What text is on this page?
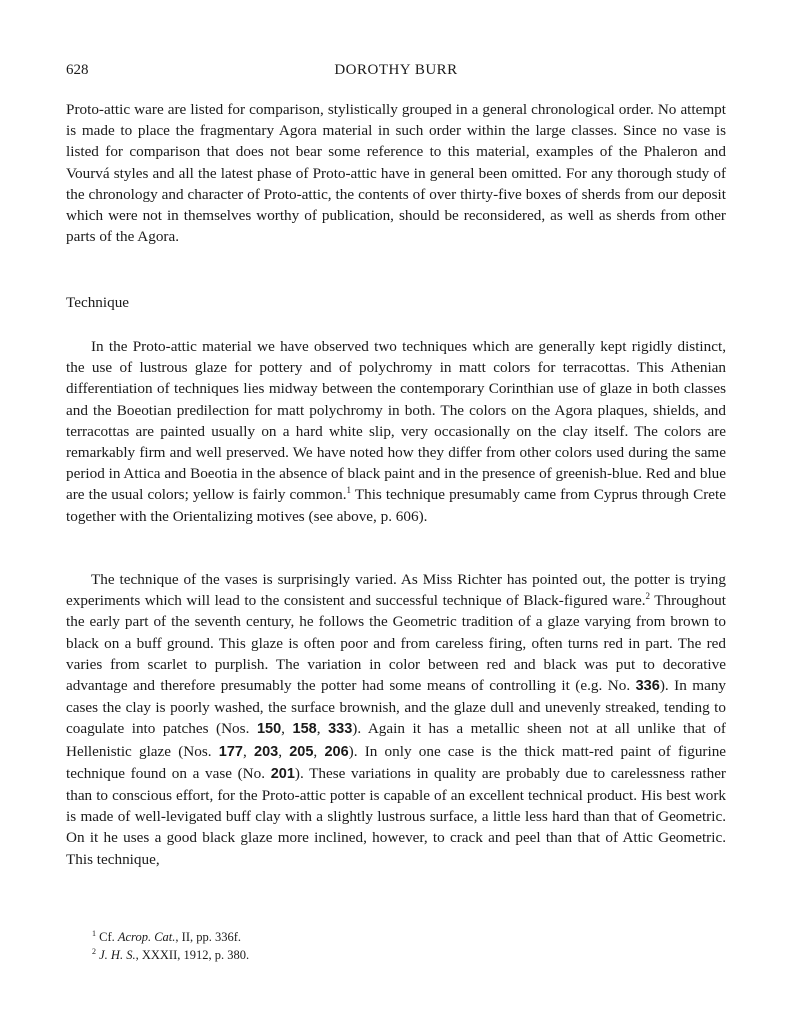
628	DOROTHY BURR

Proto-attic ware are listed for comparison, stylistically grouped in a general chronological order. No attempt is made to place the fragmentary Agora material in such order within the large classes. Since no vase is listed for comparison that does not bear some reference to this material, examples of the Phaleron and Vourvá styles and all the latest phase of Proto-attic have in general been omitted. For any thorough study of the chronology and character of Proto-attic, the contents of over thirty-five boxes of sherds from our deposit which were not in themselves worthy of publication, should be reconsidered, as well as sherds from other parts of the Agora.

Technique

In the Proto-attic material we have observed two techniques which are generally kept rigidly distinct, the use of lustrous glaze for pottery and of polychromy in matt colors for terracottas. This Athenian differentiation of techniques lies midway between the contemporary Corinthian use of glaze in both classes and the Boeotian predilection for matt polychromy in both. The colors on the Agora plaques, shields, and terracottas are painted usually on a hard white slip, very occasionally on the clay itself. The colors are remarkably firm and well preserved. We have noted how they differ from other colors used during the same period in Attica and Boeotia in the absence of black paint and in the presence of greenish-blue. Red and blue are the usual colors; yellow is fairly common.$^1$ This technique presumably came from Cyprus through Crete together with the Orientalizing motives (see above, p. 606).

The technique of the vases is surprisingly varied. As Miss Richter has pointed out, the potter is trying experiments which will lead to the consistent and successful technique of Black-figured ware.$^2$ Throughout the early part of the seventh century, he follows the Geometric tradition of a glaze varying from brown to black on a buff ground. This glaze is often poor and from careless firing, often turns red in part. The red varies from scarlet to purplish. The variation in color between red and black was put to decorative advantage and therefore presumably the potter had some means of controlling it (e.g. No. 336). In many cases the clay is poorly washed, the surface brownish, and the glaze dull and unevenly streaked, tending to coagulate into patches (Nos. 150, 158, 333). Again it has a metallic sheen not at all unlike that of Hellenistic glaze (Nos. 177, 203, 205, 206). In only one case is the thick matt-red paint of figurine technique found on a vase (No. 201). These variations in quality are probably due to carelessness rather than to conscious effort, for the Proto-attic potter is capable of an excellent technical product. His best work is made of well-levigated buff clay with a slightly lustrous surface, a little less hard than that of Geometric. On it he uses a good black glaze more inclined, however, to crack and peel than that of Attic Geometric. This technique,

$^1$ Cf. Acrop. Cat., II, pp. 336f.
$^2$ J. H. S., XXXII, 1912, p. 380.
